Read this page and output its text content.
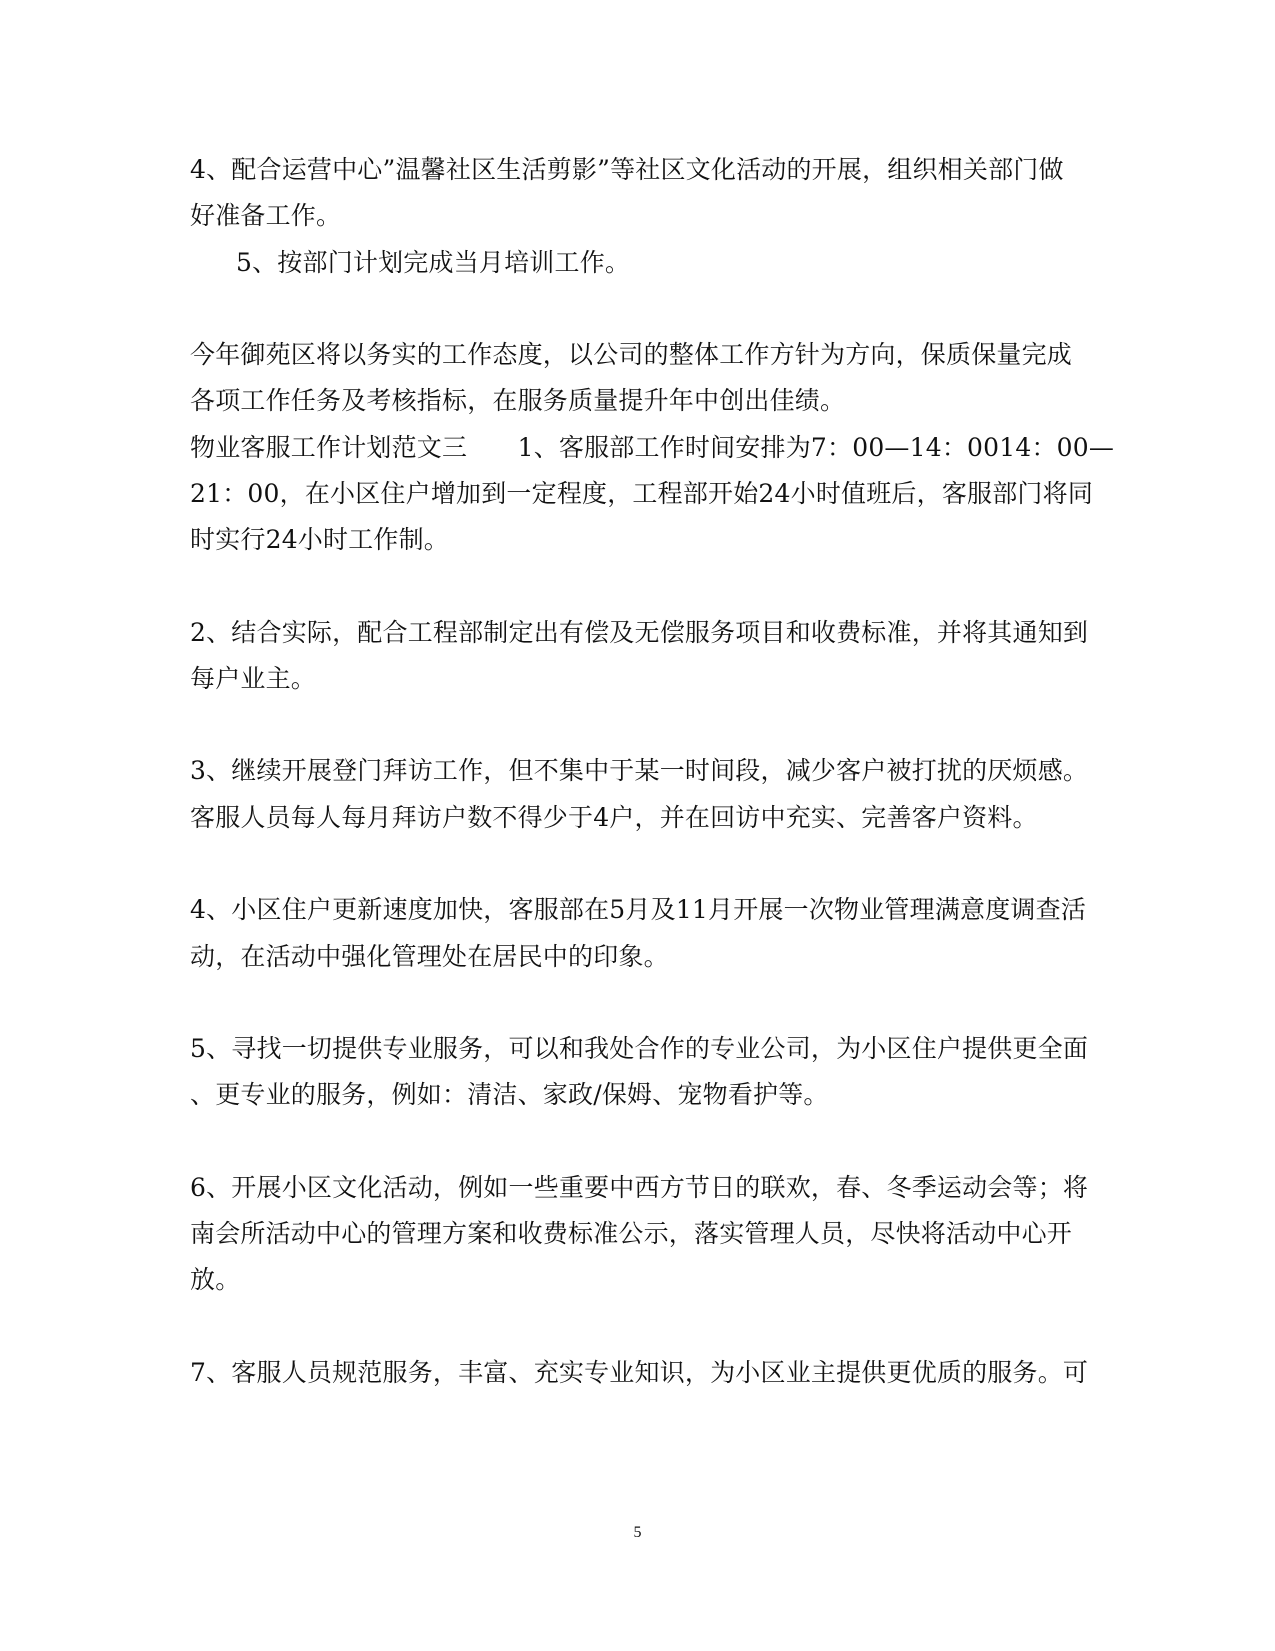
4、配合运营中心”温馨社区生活剪影”等社区文化活动的开展，组织相关部门做
好准备工作。
5、按部门计划完成当月培训工作。
今年御苑区将以务实的工作态度，以公司的整体工作方针为方向，保质保量完成
各项工作任务及考核指标，在服务质量提升年中创出佳绩。
物业客服工作计划范文三　　1、客服部工作时间安排为7：00—14：0014：00—
21：00，在小区住户增加到一定程度，工程部开始24小时值班后，客服部门将同
时实行24小时工作制。
2、结合实际，配合工程部制定出有偿及无偿服务项目和收费标准，并将其通知到
每户业主。
3、继续开展登门拜访工作，但不集中于某一时间段，减少客户被打扰的厌烦感。
客服人员每人每月拜访户数不得少于4户，并在回访中充实、完善客户资料。
4、小区住户更新速度加快，客服部在5月及11月开展一次物业管理满意度调查活
动，在活动中强化管理处在居民中的印象。
5、寻找一切提供专业服务，可以和我处合作的专业公司，为小区住户提供更全面
、更专业的服务，例如：清洁、家政/保姆、宠物看护等。
6、开展小区文化活动，例如一些重要中西方节日的联欢，春、冬季运动会等；将
南会所活动中心的管理方案和收费标准公示，落实管理人员，尽快将活动中心开
放。
7、客服人员规范服务，丰富、充实专业知识，为小区业主提供更优质的服务。可
5
